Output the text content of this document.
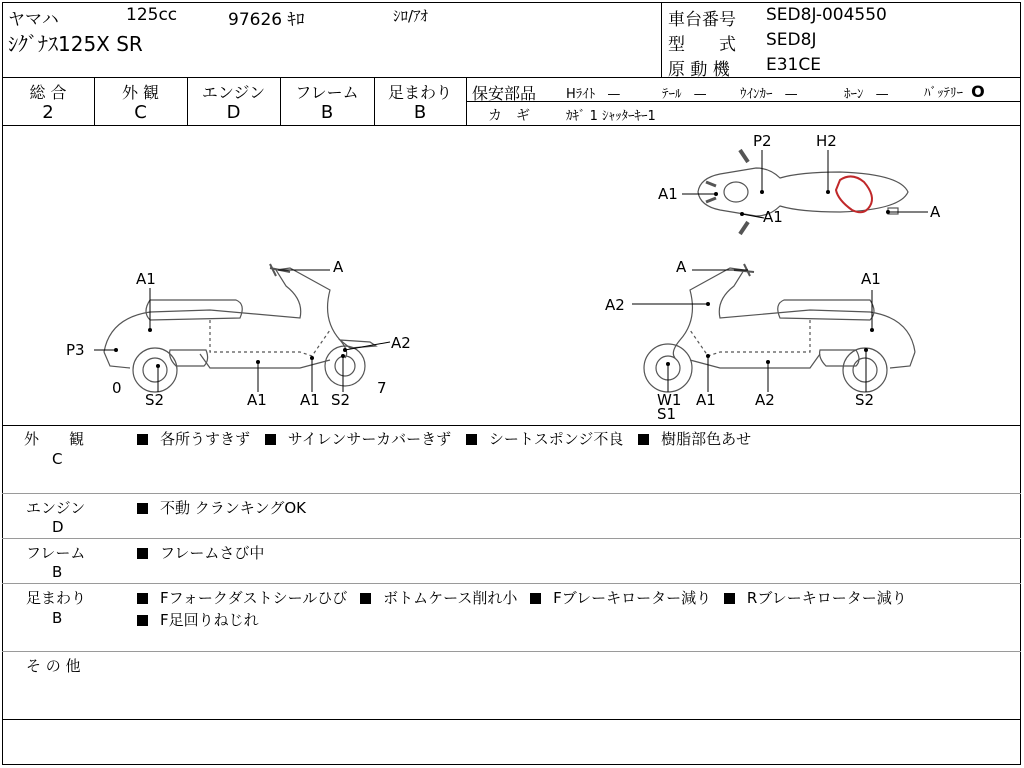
ヤマハ	125cc	97626 ｷﾛ	ｼﾛ/ｱｵ
ｼｸﾞﾅｽ125X SR
車台番号 SED8J-004550
型　　式 SED8J
原 動 機 E31CE
総 合
2
外 観
C
エンジン
D
フレーム
B
足まわり
B
保安部品 Hﾗｲﾄ —	ﾃｰﾙ —	ｳｲﾝｶｰ —	ﾎｰﾝ —	ﾊﾞｯﾃﾘｰ O
カ　ギ	ｶｷﾞ 1 ｼｬｯﾀｰｷｰ1
P2	H2
A1
A1	A
A
A1
P3	A2
0
S2	A1 A1 S2
7
A
A1
A2
W1
S1
A1	A2	S2
外　　観
C
各所うすきず	サイレンサーカバーきず	シートスポンジ不良	樹脂部色あせ
エンジン
D
不動 クランキングOK
フレーム
B
フレームさび中
足まわり
B
Fフォークダストシールひび ボトムケース削れ小 Fブレーキローター減り Rブレーキローター減り
F足回りねじれ
そ の 他
